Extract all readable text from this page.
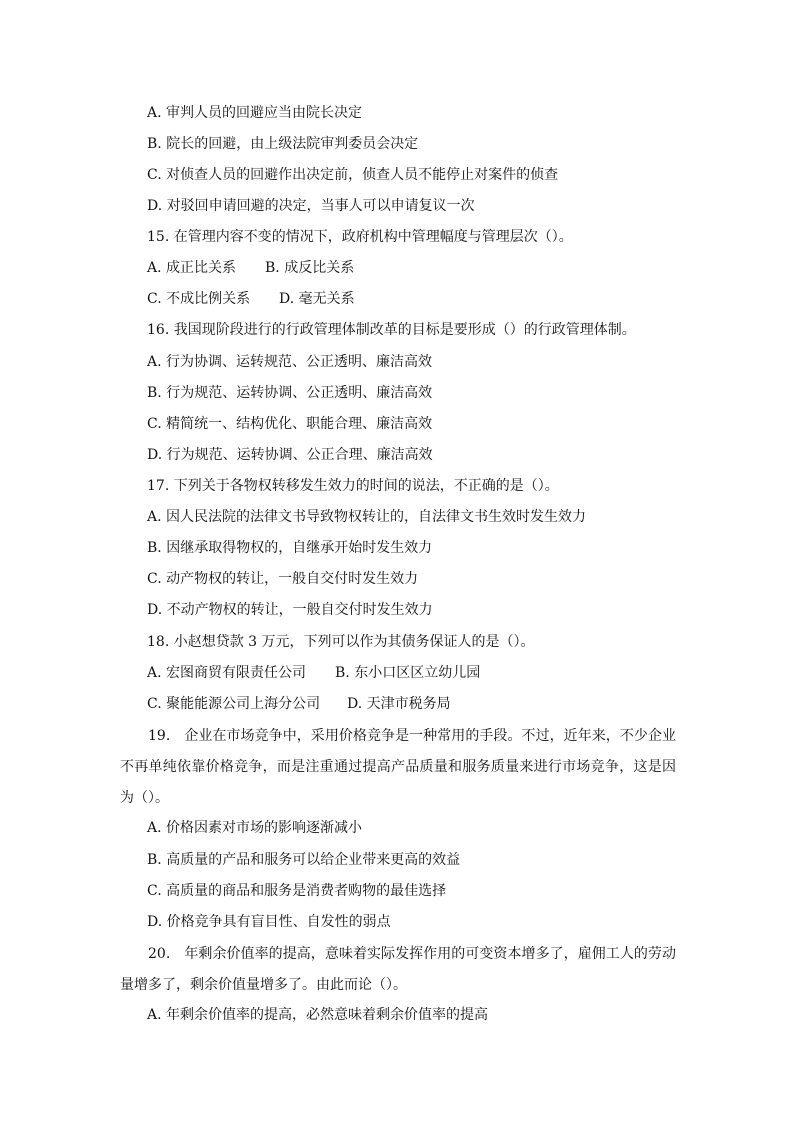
A. 审判人员的回避应当由院长决定
B. 院长的回避，由上级法院审判委员会决定
C. 对侦查人员的回避作出决定前，侦查人员不能停止对案件的侦查
D. 对驳回申请回避的决定，当事人可以申请复议一次
15. 在管理内容不变的情况下，政府机构中管理幅度与管理层次（）。
A. 成正比关系 B. 成反比关系
C. 不成比例关系 D. 毫无关系
16. 我国现阶段进行的行政管理体制改革的目标是要形成（）的行政管理体制。
A. 行为协调、运转规范、公正透明、廉洁高效
B. 行为规范、运转协调、公正透明、廉洁高效
C. 精简统一、结构优化、职能合理、廉洁高效
D. 行为规范、运转协调、公正合理、廉洁高效
17. 下列关于各物权转移发生效力的时间的说法，不正确的是（）。
A. 因人民法院的法律文书导致物权转让的，自法律文书生效时发生效力
B. 因继承取得物权的，自继承开始时发生效力
C. 动产物权的转让，一般自交付时发生效力
D. 不动产物权的转让，一般自交付时发生效力
18. 小赵想贷款 3 万元，下列可以作为其债务保证人的是（）。
A. 宏图商贸有限责任公司 B. 东小口区区立幼儿园
C. 聚能能源公司上海分公司 D. 天津市税务局
19.　企业在市场竞争中，采用价格竞争是一种常用的手段。不过，近年来，不少企业不再单纯依靠价格竞争，而是注重通过提高产品质量和服务质量来进行市场竞争，这是因为（）。
A. 价格因素对市场的影响逐渐减小
B. 高质量的产品和服务可以给企业带来更高的效益
C. 高质量的商品和服务是消费者购物的最佳选择
D. 价格竞争具有盲目性、自发性的弱点
20.　年剩余价值率的提高，意味着实际发挥作用的可变资本增多了，雇佣工人的劳动量增多了，剩余价值量增多了。由此而论（）。
A. 年剩余价值率的提高，必然意味着剩余价值率的提高
